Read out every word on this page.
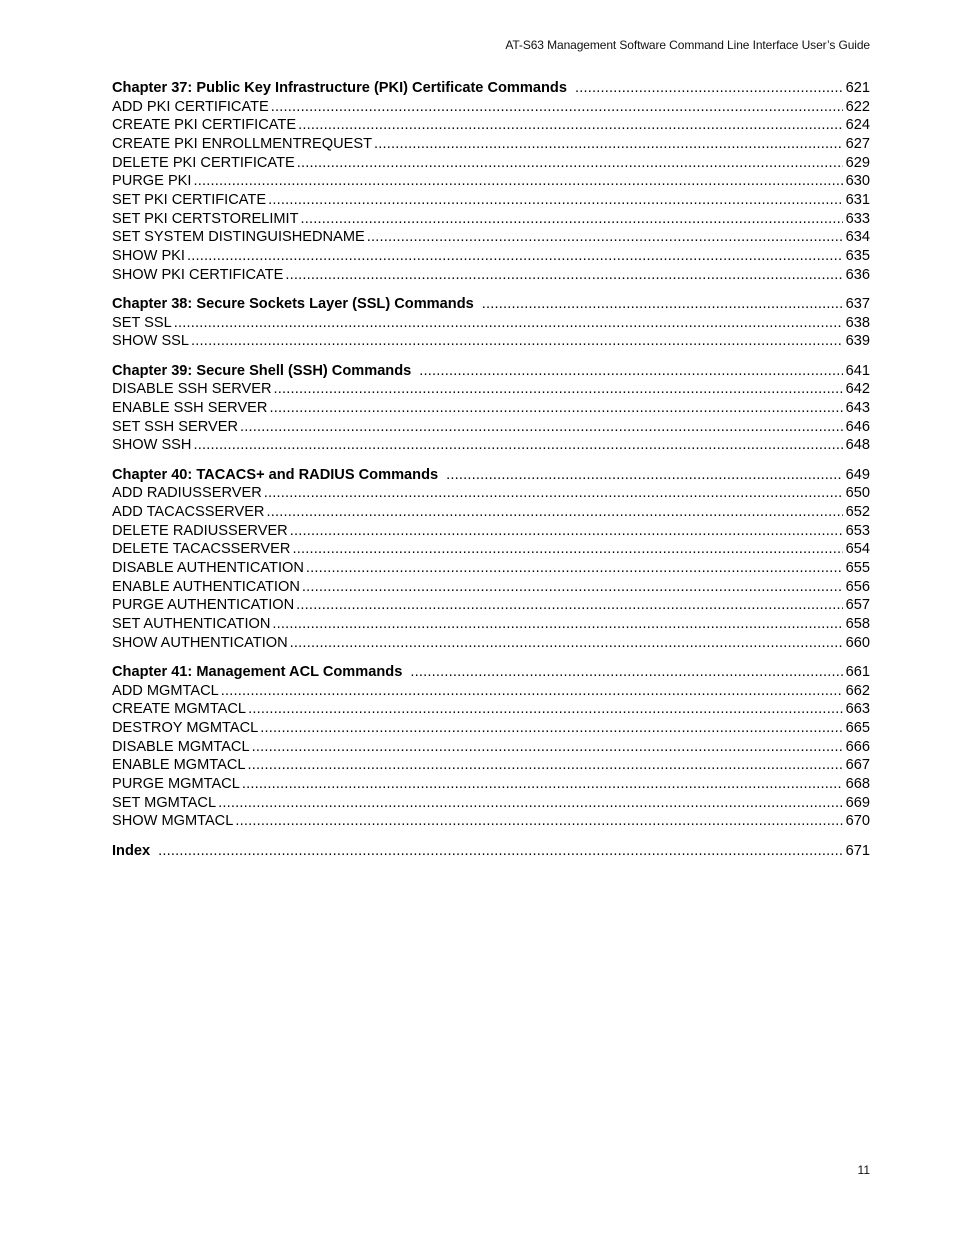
AT-S63 Management Software Command Line Interface User’s Guide
Chapter 37: Public Key Infrastructure (PKI) Certificate Commands .....	621
ADD PKI CERTIFICATE .....	622
CREATE PKI CERTIFICATE .....	624
CREATE PKI ENROLLMENTREQUEST .....	627
DELETE PKI CERTIFICATE .....	629
PURGE PKI .....	630
SET PKI CERTIFICATE .....	631
SET PKI CERTSTORELIMIT .....	633
SET SYSTEM DISTINGUISHEDNAME .....	634
SHOW PKI .....	635
SHOW PKI CERTIFICATE .....	636
Chapter 38: Secure Sockets Layer (SSL) Commands .....	637
SET SSL .....	638
SHOW SSL .....	639
Chapter 39: Secure Shell (SSH) Commands .....	641
DISABLE SSH SERVER .....	642
ENABLE SSH SERVER .....	643
SET SSH SERVER .....	646
SHOW SSH .....	648
Chapter 40: TACACS+ and RADIUS Commands .....	649
ADD RADIUSSERVER .....	650
ADD TACACSSERVER .....	652
DELETE RADIUSSERVER .....	653
DELETE TACACSSERVER .....	654
DISABLE AUTHENTICATION .....	655
ENABLE AUTHENTICATION .....	656
PURGE AUTHENTICATION .....	657
SET AUTHENTICATION .....	658
SHOW AUTHENTICATION .....	660
Chapter 41: Management ACL Commands .....	661
ADD MGMTACL .....	662
CREATE MGMTACL .....	663
DESTROY MGMTACL .....	665
DISABLE MGMTACL .....	666
ENABLE MGMTACL .....	667
PURGE MGMTACL .....	668
SET MGMTACL .....	669
SHOW MGMTACL .....	670
Index .....	671
11
